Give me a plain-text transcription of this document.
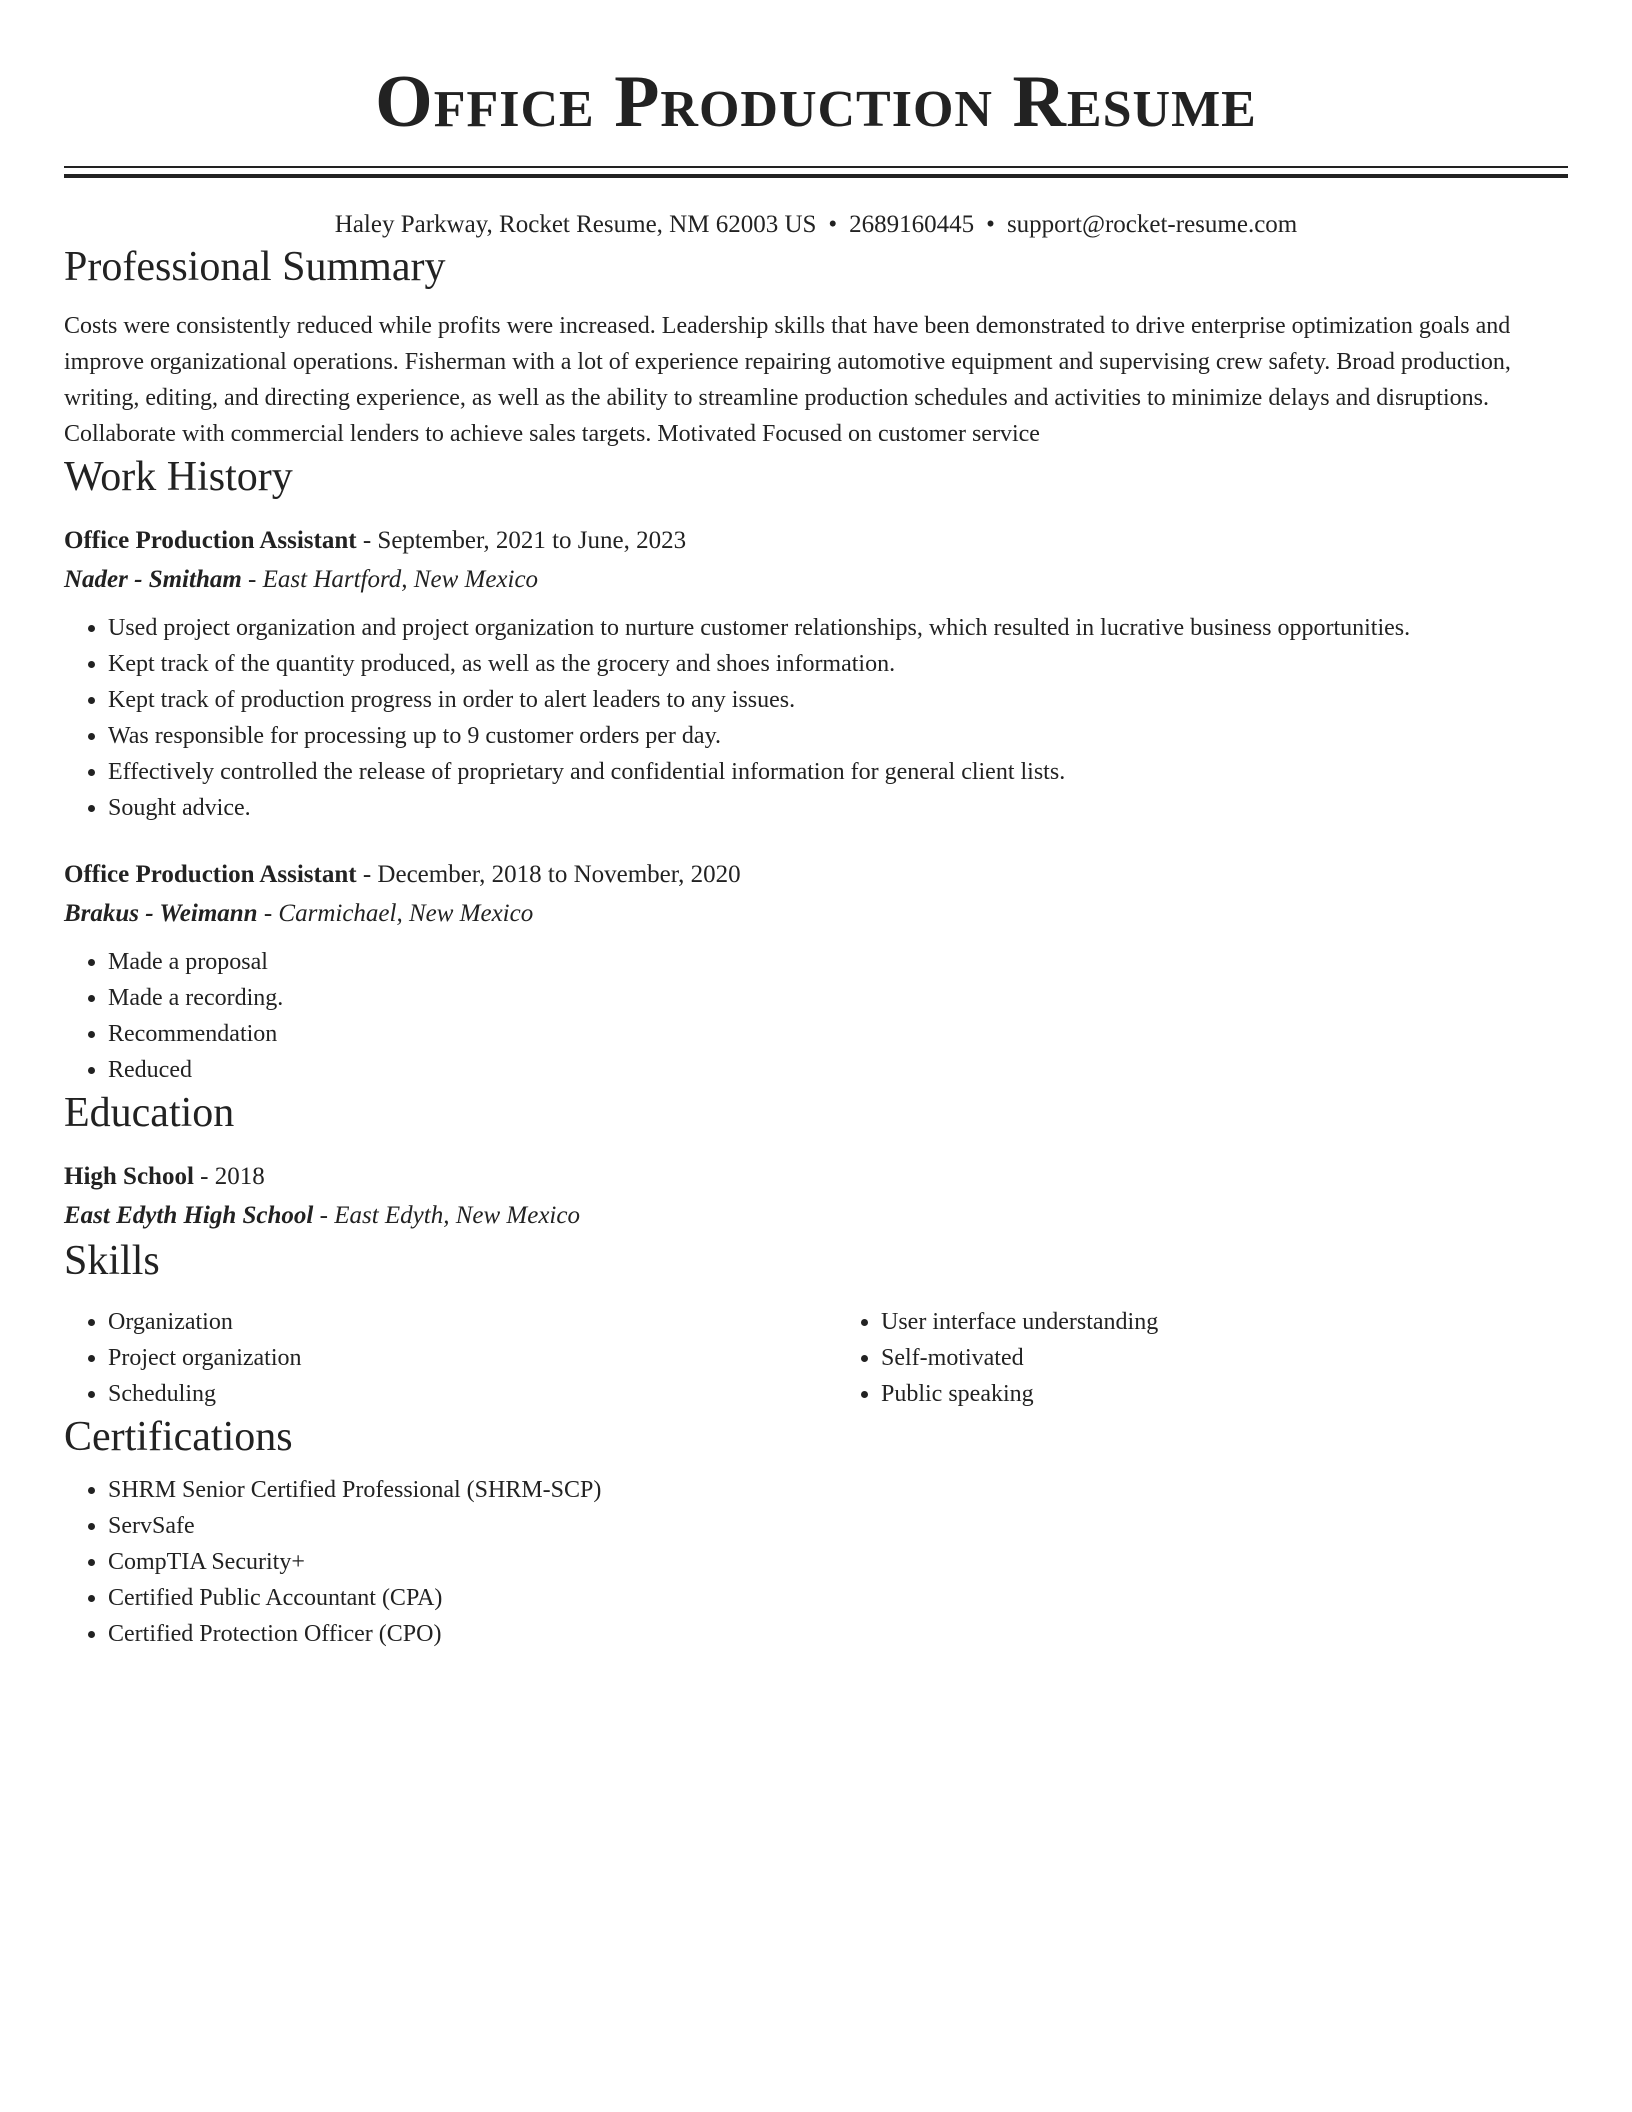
Office Production Resume
Haley Parkway, Rocket Resume, NM 62003 US • 2689160445 • support@rocket-resume.com
Professional Summary
Costs were consistently reduced while profits were increased. Leadership skills that have been demonstrated to drive enterprise optimization goals and improve organizational operations. Fisherman with a lot of experience repairing automotive equipment and supervising crew safety. Broad production, writing, editing, and directing experience, as well as the ability to streamline production schedules and activities to minimize delays and disruptions. Collaborate with commercial lenders to achieve sales targets. Motivated Focused on customer service
Work History
Office Production Assistant - September, 2021 to June, 2023
Nader - Smitham - East Hartford, New Mexico
• Used project organization and project organization to nurture customer relationships, which resulted in lucrative business opportunities.
• Kept track of the quantity produced, as well as the grocery and shoes information.
• Kept track of production progress in order to alert leaders to any issues.
• Was responsible for processing up to 9 customer orders per day.
• Effectively controlled the release of proprietary and confidential information for general client lists.
• Sought advice.
Office Production Assistant - December, 2018 to November, 2020
Brakus - Weimann - Carmichael, New Mexico
• Made a proposal
• Made a recording.
• Recommendation
• Reduced
Education
High School - 2018
East Edyth High School - East Edyth, New Mexico
Skills
• Organization
• Project organization
• Scheduling
• User interface understanding
• Self-motivated
• Public speaking
Certifications
• SHRM Senior Certified Professional (SHRM-SCP)
• ServSafe
• CompTIA Security+
• Certified Public Accountant (CPA)
• Certified Protection Officer (CPO)
